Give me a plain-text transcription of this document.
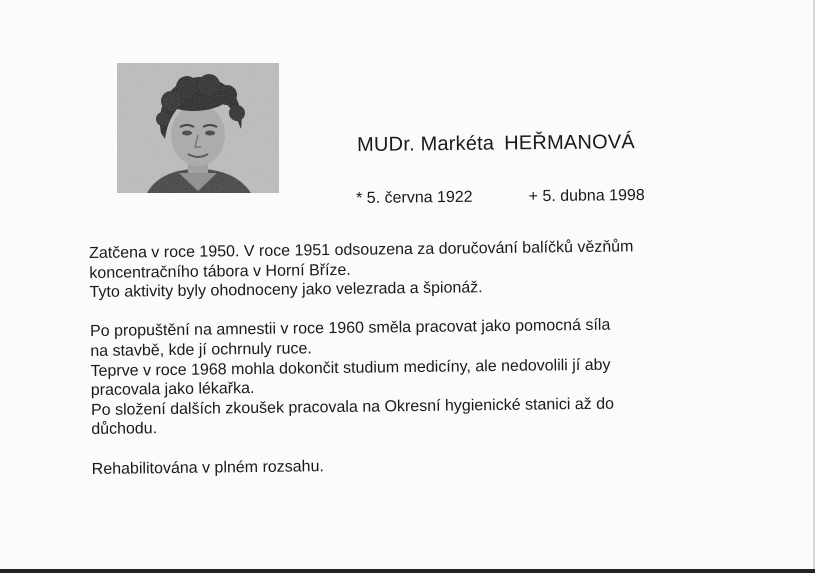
MUDr. Markéta HEŘMANOVÁ
* 5. června 1922	+ 5. dubna 1998

Zatčena v roce 1950. V roce 1951 odsouzena za doručování balíčků vězňům
koncentračního tábora v Horní Bříze.
Tyto aktivity byly ohodnoceny jako velezrada a špionáž.

Po propuštění na amnestii v roce 1960 směla pracovat jako pomocná síla
na stavbě, kde jí ochrnuly ruce.
Teprve v roce 1968 mohla dokončit studium medicíny, ale nedovolili jí aby
pracovala jako lékařka.
Po složení dalších zkoušek pracovala na Okresní hygienické stanici až do
důchodu.

Rehabilitována v plném rozsahu.
